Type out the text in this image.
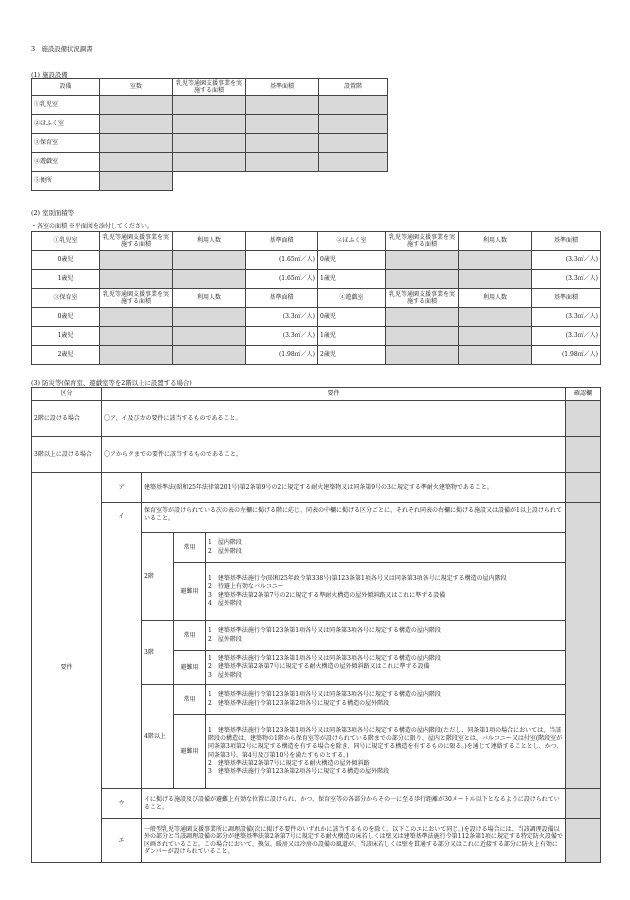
3　施設設備状況調書
(1) 施設設備
設備	室数	乳児等通園支援事業を実施する面積	基準面積	設置階
①乳児室				
②ほふく室				
③保育室				
④遊戯室				
⑤便所				
(2) 室別面積等
・各室の面積 ※平面図を添付してください。
①乳児室	乳児等通園支援事業を実施する面積	利用人数	基準面積	②ほふく室	乳児等通園支援事業を実施する面積	利用人数	基準面積
0歳児			(1.65㎡／人)	0歳児			(3.3㎡／人)
1歳児			(1.65㎡／人)	1歳児			(3.3㎡／人)
③保育室	乳児等通園支援事業を実施する面積	利用人数	基準面積	④遊戯室	乳児等通園支援事業を実施する面積	利用人数	基準面積
0歳児			(3.3㎡／人)	0歳児			(3.3㎡／人)
1歳児			(3.3㎡／人)	1歳児			(3.3㎡／人)
2歳児			(1.98㎡／人)	2歳児			(1.98㎡／人)
(3) 防災等(保育室、遊戯室等を2階以上に設置する場合)
区分	要件				確認欄
2階に設ける場合	〇ア、イ及びカの要件に該当するものであること。				
3階以上に設ける場合	〇アからクまでの要件に該当するものであること。				
要件	ア	建築基準法(昭和25年法律第201号)第2条第9号の2に規定する耐火建築物又は同条第9号の3に規定する準耐火建築物であること。			
	イ	保育室等が設けられている次の表の左欄に掲げる階に応じ、同表の中欄に掲げる区分ごとに、それぞれ同表の右欄に掲げる施設又は設備が1以上設けられていること。			
		2階	常用	1　屋内階段
2　屋外階段	

			避難用	1　建築基準法施行令(昭和25年政令第338号)第123条第1項各号又は同条第3項各号に規定する構造の屋内階段
2　待避上有効なバルコニー
3　建築基準法第2条第7号の2に規定する準耐火構造の屋外傾斜路又はこれに準ずる設備
4　屋外階段	

		3階	常用	1　建築基準法施行令第123条第1項各号又は同条第3項各号に規定する構造の屋内階段
2　屋外階段	

			避難用	1　建築基準法施行令第123条第1項各号又は同条第3項各号に規定する構造の屋内階段
2　建築基準法第2条第7号に規定する耐火構造の屋外傾斜路又はこれに準ずる設備
3　屋外階段	

		4階以上	常用	1　建築基準法施行令第123条第1項各号又は同条第3項各号に規定する構造の屋内階段
2　建築基準法施行令第123条第2項各号に規定する構造の屋外階段	

			避難用	1　建築基準法施行令第123条第1項各号又は同条第3項各号に規定する構造の屋内階段(ただし、同条第1項の場合においては、当該階段の構造は、建築物の1階から保育室等が設けられている階までの部分に限り、屋内と階段室とは、バルコニー又は付室(階段室が同条第3項第2号に規定する構造を有する場合を除き、同号に規定する構造を有するものに限る。)を通じて連絡することとし、かつ、同条第3号、第4号及び第10号を満たすものとする。)
2　建築基準法第2条第7号に規定する耐火構造の屋外傾斜路
3　建築基準法施行令第123条第2項各号に規定する構造の屋外階段	

	ウ	イに掲げる施設及び設備が避難上有効な位置に設けられ、かつ、保育室等の各部分からその一に至る歩行距離が30メートル以下となるように設けられていること。			
	エ	一般型乳児等通園支援事業所に調理設備(次に掲げる要件のいずれかに該当するものを除く。以下このエにおいて同じ。)を設ける場合には、当該調理設備以外の部分と当該調理設備の部分が建築基準法第2条第7号に規定する耐火構造の床若しくは壁又は建築基準法施行令第112条第1項に規定する特定防火設備で区画されていること。この場合において、換気、暖房又は冷房の設備の風道が、当該床若しくは壁を貫通する部分又はこれに近接する部分に防火上有効にダンパーが設けられていること。			
